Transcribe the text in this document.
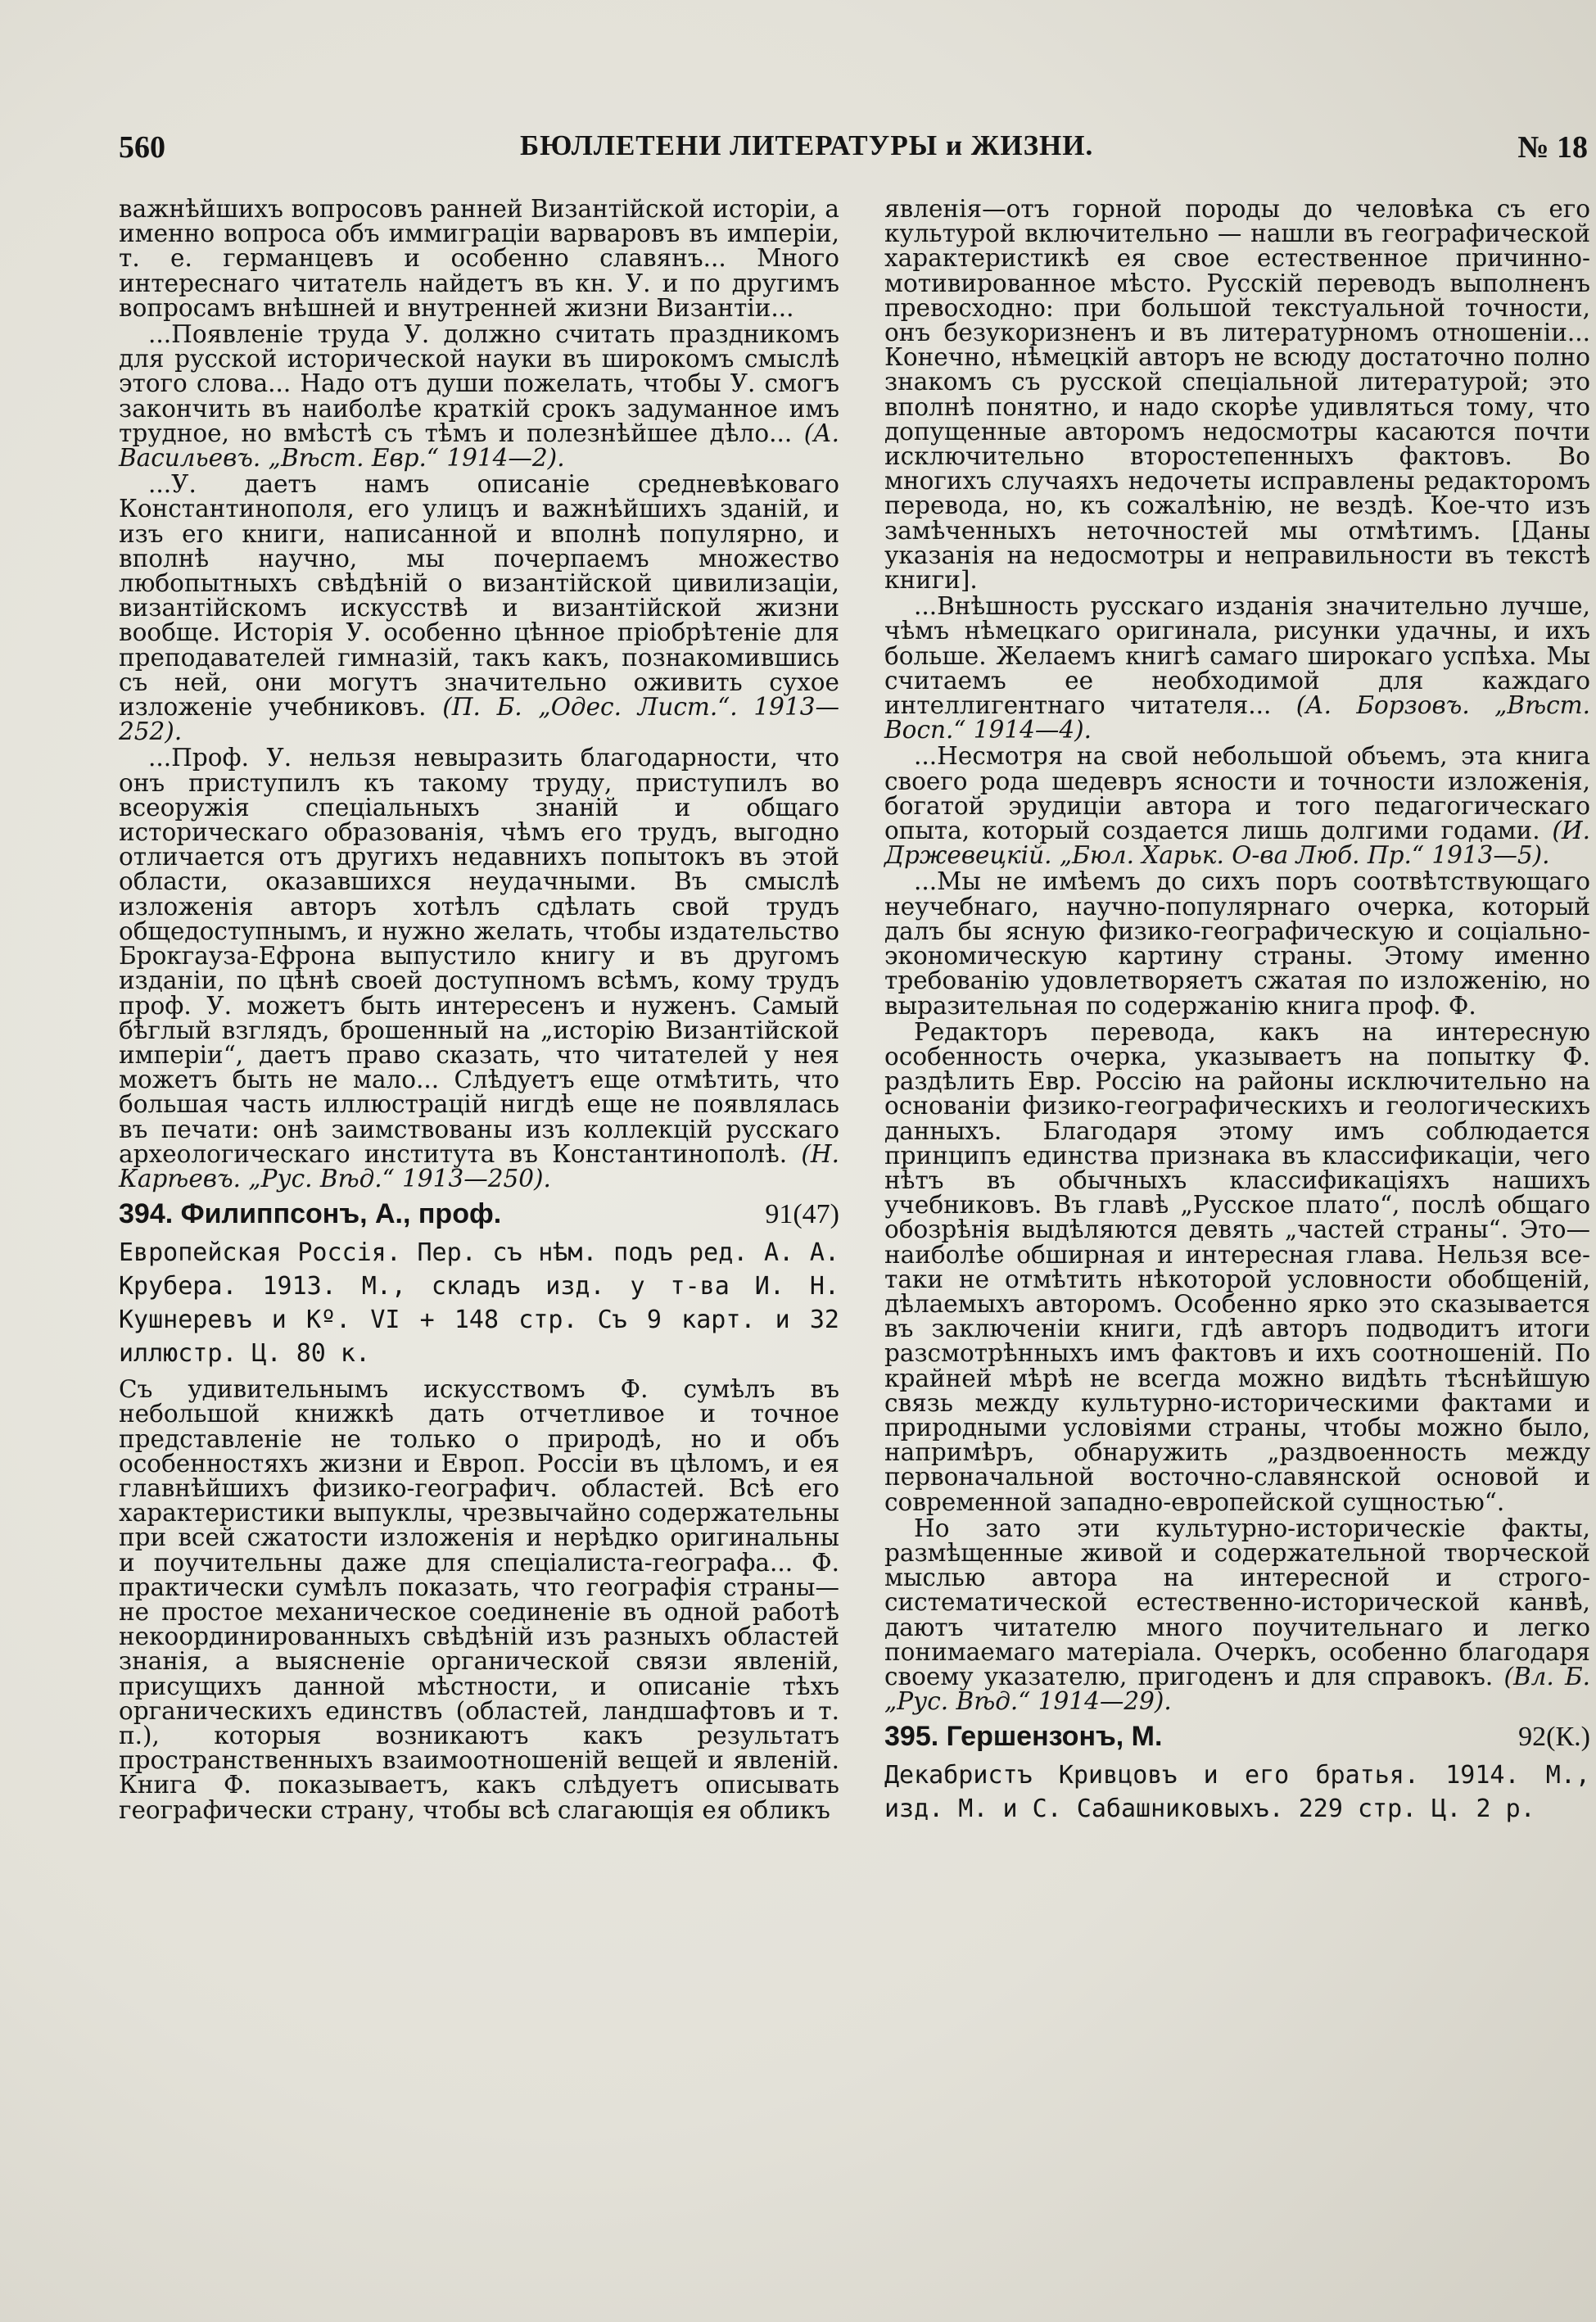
560	БЮЛЛЕТЕНИ ЛИТЕРАТУРЫ и ЖИЗНИ.	№ 18

важнѣйшихъ вопросовъ ранней Византійской исторіи, а именно вопроса объ иммиграціи варваровъ въ имперіи, т. е. германцевъ и особенно славянъ... Много интереснаго читатель найдетъ въ кн. У. и по другимъ вопросамъ внѣшней и внутренней жизни Византіи...

...Появленіе труда У. должно считать праздникомъ для русской исторической науки въ широкомъ смыслѣ этого слова... Надо отъ души пожелать, чтобы У. смогъ закончить въ наиболѣе краткій срокъ задуманное имъ трудное, но вмѣстѣ съ тѣмъ и полезнѣйшее дѣло... (А. Васильевъ. „Вѣст. Евр.“ 1914—2).

...У. даетъ намъ описаніе средневѣковаго Константинополя, его улицъ и важнѣйшихъ зданій, и изъ его книги, написанной и вполнѣ популярно, и вполнѣ научно, мы почерпаемъ множество любопытныхъ свѣдѣній о византійской цивилизаціи, византійскомъ искусствѣ и византійской жизни вообще. Исторія У. особенно цѣнное пріобрѣтеніе для преподавателей гимназій, такъ какъ, познакомившись съ ней, они могутъ значительно оживить сухое изложеніе учебниковъ. (П. Б. „Одес. Лист.“. 1913—252).

...Проф. У. нельзя невыразить благодарности, что онъ приступилъ къ такому труду, приступилъ во всеоружія спеціальныхъ знаній и общаго историческаго образованія, чѣмъ его трудъ, выгодно отличается отъ другихъ недавнихъ попытокъ въ этой области, оказавшихся неудачными. Въ смыслѣ изложенія авторъ хотѣлъ сдѣлать свой трудъ общедоступнымъ, и нужно желать, чтобы издательство Брокгауза-Ефрона выпустило книгу и въ другомъ изданіи, по цѣнѣ своей доступномъ всѣмъ, кому трудъ проф. У. можетъ быть интересенъ и нуженъ. Самый бѣглый взглядъ, брошенный на „исторію Византійской имперіи“, даетъ право сказать, что читателей у нея можетъ быть не мало... Слѣдуетъ еще отмѣтить, что большая часть иллюстрацій нигдѣ еще не появлялась въ печати: онѣ заимствованы изъ коллекцій русскаго археологическаго института въ Константинополѣ. (Н. Карѣевъ. „Рус. Вѣд.“ 1913—250).

394. Филиппсонъ, А., проф.	91(47)
Европейская Россія. Пер. съ нѣм. подъ ред. А. А. Крубера. 1913. М., складъ изд. у т-ва И. Н. Кушнеревъ и Кº. VI + 148 стр. Съ 9 карт. и 32 иллюстр. Ц. 80 к.

Съ удивительнымъ искусствомъ Ф. сумѣлъ въ небольшой книжкѣ дать отчетливое и точное представленіе не только о природѣ, но и объ особенностяхъ жизни и Европ. Россіи въ цѣломъ, и ея главнѣйшихъ физико-географич. областей. Всѣ его характеристики выпуклы, чрезвычайно содержательны при всей сжатости изложенія и нерѣдко оригинальны и поучительны даже для спеціалиста-географа... Ф. практически сумѣлъ показать, что географія страны—не простое механическое соединеніе въ одной работѣ некоординированныхъ свѣдѣній изъ разныхъ областей знанія, а выясненіе органической связи явленій, присущихъ данной мѣстности, и описаніе тѣхъ органическихъ единствъ (областей, ландшафтовъ и т. п.), которыя возникаютъ какъ результатъ пространственныхъ взаимоотношеній вещей и явленій. Книга Ф. показываетъ, какъ слѣдуетъ описывать географически страну, чтобы всѣ слагающія ея обликъ

явленія—отъ горной породы до человѣка съ его культурой включительно — нашли въ географической характеристикѣ ея свое естественное причинно-мотивированное мѣсто. Русскій переводъ выполненъ превосходно: при большой текстуальной точности, онъ безукоризненъ и въ литературномъ отношеніи... Конечно, нѣмецкій авторъ не всюду достаточно полно знакомъ съ русской спеціальной литературой; это вполнѣ понятно, и надо скорѣе удивляться тому, что допущенные авторомъ недосмотры касаются почти исключительно второстепенныхъ фактовъ. Во многихъ случаяхъ недочеты исправлены редакторомъ перевода, но, къ сожалѣнію, не вездѣ. Кое-что изъ замѣченныхъ неточностей мы отмѣтимъ. [Даны указанія на недосмотры и неправильности въ текстѣ книги].

...Внѣшность русскаго изданія значительно лучше, чѣмъ нѣмецкаго оригинала, рисунки удачны, и ихъ больше. Желаемъ книгѣ самаго широкаго успѣха. Мы считаемъ ее необходимой для каждаго интеллигентнаго читателя... (А. Борзовъ. „Вѣст. Восп.“ 1914—4).

...Несмотря на свой небольшой объемъ, эта книга своего рода шедевръ ясности и точности изложенія, богатой эрудиціи автора и того педагогическаго опыта, который создается лишь долгими годами. (И. Држевецкій. „Бюл. Харьк. О-ва Люб. Пр.“ 1913—5).

...Мы не имѣемъ до сихъ поръ соотвѣтствующаго неучебнаго, научно-популярнаго очерка, который далъ бы ясную физико-географическую и соціально-экономическую картину страны. Этому именно требованію удовлетворяетъ сжатая по изложенію, но выразительная по содержанію книга проф. Ф.

Редакторъ перевода, какъ на интересную особенность очерка, указываетъ на попытку Ф. раздѣлить Евр. Россію на районы исключительно на основаніи физико-географическихъ и геологическихъ данныхъ. Благодаря этому имъ соблюдается принципъ единства признака въ классификаціи, чего нѣтъ въ обычныхъ классификаціяхъ нашихъ учебниковъ. Въ главѣ „Русское плато“, послѣ общаго обозрѣнія выдѣляются девять „частей страны“. Это—наиболѣе обширная и интересная глава. Нельзя все-таки не отмѣтить нѣкоторой условности обобщеній, дѣлаемыхъ авторомъ. Особенно ярко это сказывается въ заключеніи книги, гдѣ авторъ подводитъ итоги разсмотрѣнныхъ имъ фактовъ и ихъ соотношеній. По крайней мѣрѣ не всегда можно видѣть тѣснѣйшую связь между культурно-историческими фактами и природными условіями страны, чтобы можно было, напримѣръ, обнаружить „раздвоенность между первоначальной восточно-славянской основой и современной западно-европейской сущностью“.

Но зато эти культурно-историческіе факты, размѣщенные живой и содержательной творческой мыслью автора на интересной и строго-систематической естественно-исторической канвѣ, даютъ читателю много поучительнаго и легко понимаемаго матеріала. Очеркъ, особенно благодаря своему указателю, пригоденъ и для справокъ. (Вл. Б. „Рус. Вѣд.“ 1914—29).

395. Гершензонъ, М.	92(К.)
Декабристъ Кривцовъ и его братья. 1914. М., изд. М. и С. Сабашниковыхъ. 229 стр. Ц. 2 р.
